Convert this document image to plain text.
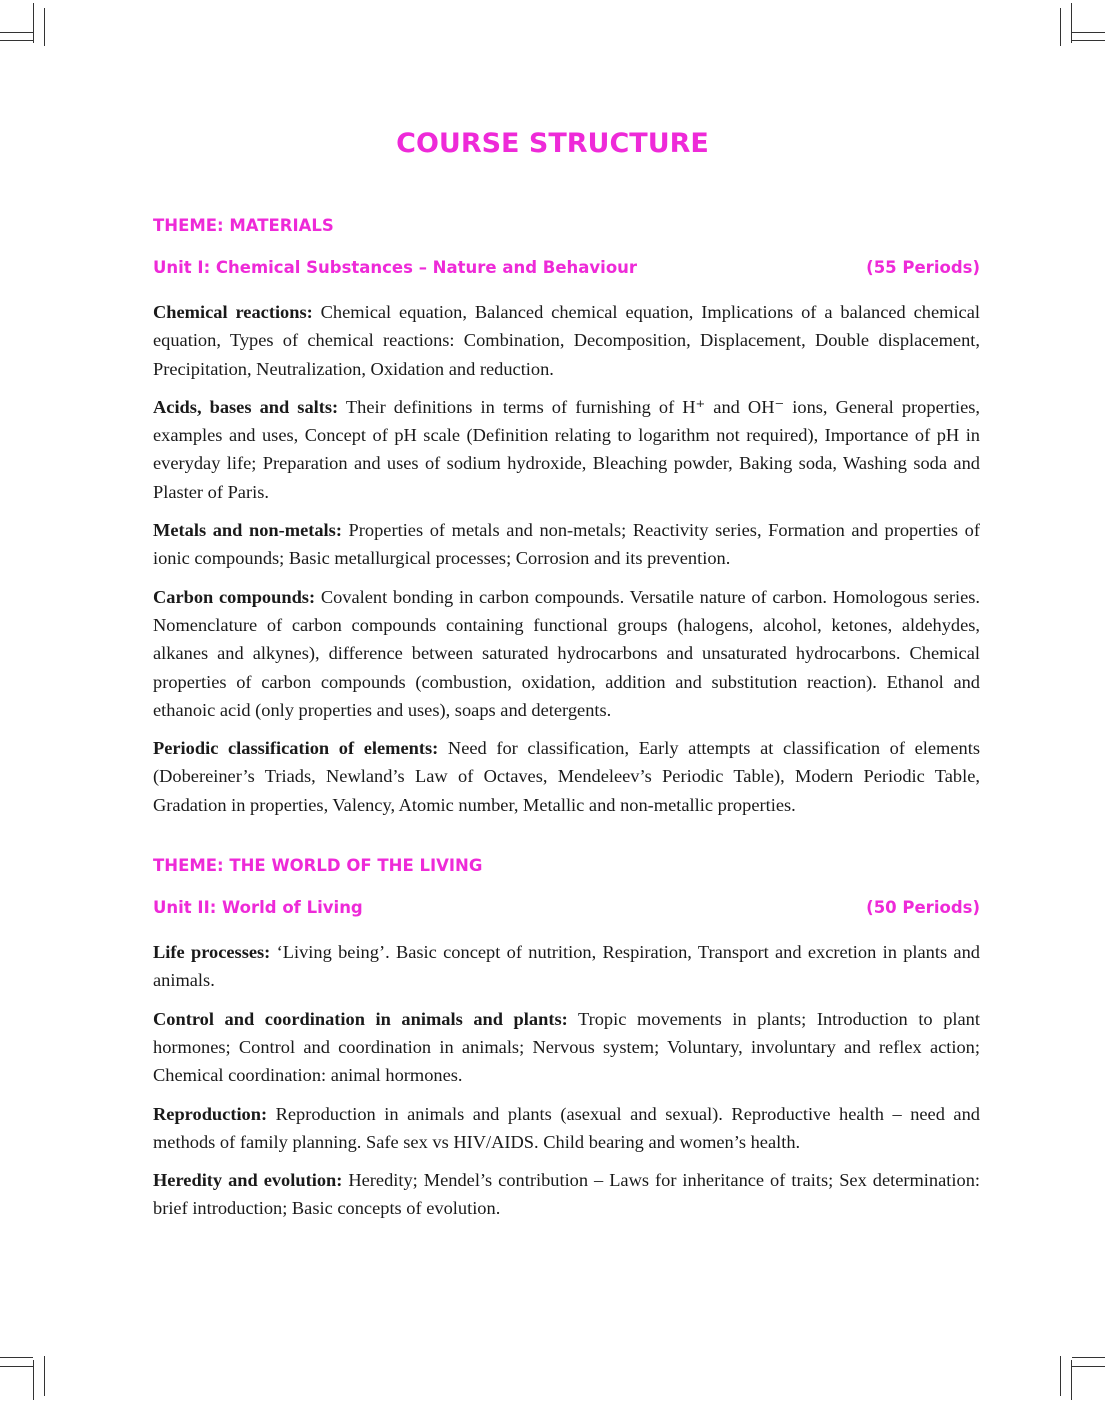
COURSE STRUCTURE
THEME: MATERIALS
Unit I: Chemical Substances – Nature and Behaviour	(55 Periods)

Chemical reactions: Chemical equation, Balanced chemical equation, Implications of a balanced chemical equation, Types of chemical reactions: Combination, Decomposition, Displacement, Double displacement, Precipitation, Neutralization, Oxidation and reduction.

Acids, bases and salts: Their definitions in terms of furnishing of H⁺ and OH⁻ ions, General properties, examples and uses, Concept of pH scale (Definition relating to logarithm not required), Importance of pH in everyday life; Preparation and uses of sodium hydroxide, Bleaching powder, Baking soda, Washing soda and Plaster of Paris.

Metals and non-metals: Properties of metals and non-metals; Reactivity series, Formation and properties of ionic compounds; Basic metallurgical processes; Corrosion and its prevention.

Carbon compounds: Covalent bonding in carbon compounds. Versatile nature of carbon. Homologous series. Nomenclature of carbon compounds containing functional groups (halogens, alcohol, ketones, aldehydes, alkanes and alkynes), difference between saturated hydrocarbons and unsaturated hydrocarbons. Chemical properties of carbon compounds (combustion, oxidation, addition and substitution reaction). Ethanol and ethanoic acid (only properties and uses), soaps and detergents.

Periodic classification of elements: Need for classification, Early attempts at classification of elements (Dobereiner’s Triads, Newland’s Law of Octaves, Mendeleev’s Periodic Table), Modern Periodic Table, Gradation in properties, Valency, Atomic number, Metallic and non-metallic properties.

THEME: THE WORLD OF THE LIVING
Unit II: World of Living	(50 Periods)

Life processes: ‘Living being’. Basic concept of nutrition, Respiration, Transport and excretion in plants and animals.

Control and coordination in animals and plants: Tropic movements in plants; Introduction to plant hormones; Control and coordination in animals; Nervous system; Voluntary, involuntary and reflex action; Chemical coordination: animal hormones.

Reproduction: Reproduction in animals and plants (asexual and sexual). Reproductive health – need and methods of family planning. Safe sex vs HIV/AIDS. Child bearing and women’s health.

Heredity and evolution: Heredity; Mendel’s contribution – Laws for inheritance of traits; Sex determination: brief introduction; Basic concepts of evolution.
